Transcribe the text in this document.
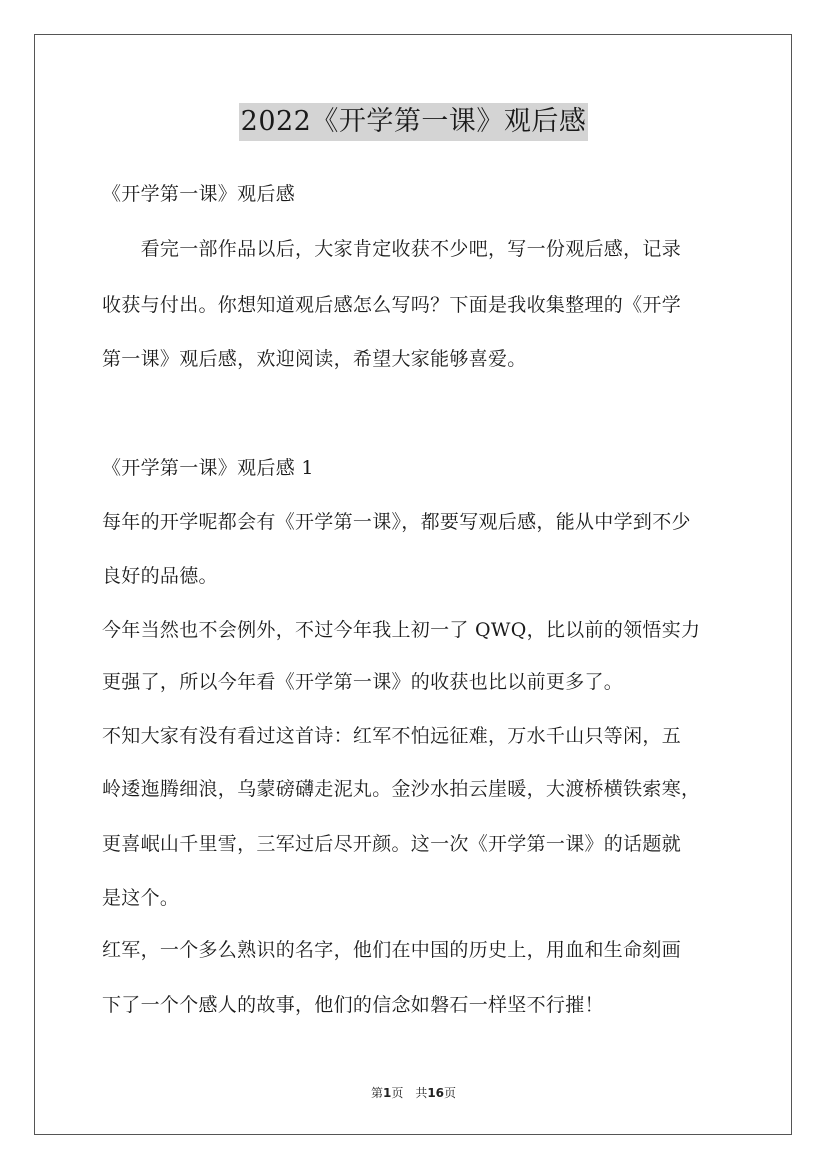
2022《开学第一课》观后感
《开学第一课》观后感
　　看完一部作品以后，大家肯定收获不少吧，写一份观后感，记录
收获与付出。你想知道观后感怎么写吗？下面是我收集整理的《开学
第一课》观后感，欢迎阅读，希望大家能够喜爱。
《开学第一课》观后感 1
每年的开学呢都会有《开学第一课》，都要写观后感，能从中学到不少
良好的品德。
今年当然也不会例外，不过今年我上初一了 QWQ，比以前的领悟实力
更强了，所以今年看《开学第一课》的收获也比以前更多了。
不知大家有没有看过这首诗：红军不怕远征难，万水千山只等闲，五
岭逶迤腾细浪，乌蒙磅礴走泥丸。金沙水拍云崖暖，大渡桥横铁索寒，
更喜岷山千里雪，三军过后尽开颜。这一次《开学第一课》的话题就
是这个。
红军，一个多么熟识的名字，他们在中国的历史上，用血和生命刻画
下了一个个感人的故事，他们的信念如磐石一样坚不行摧！
第1页　共16页
